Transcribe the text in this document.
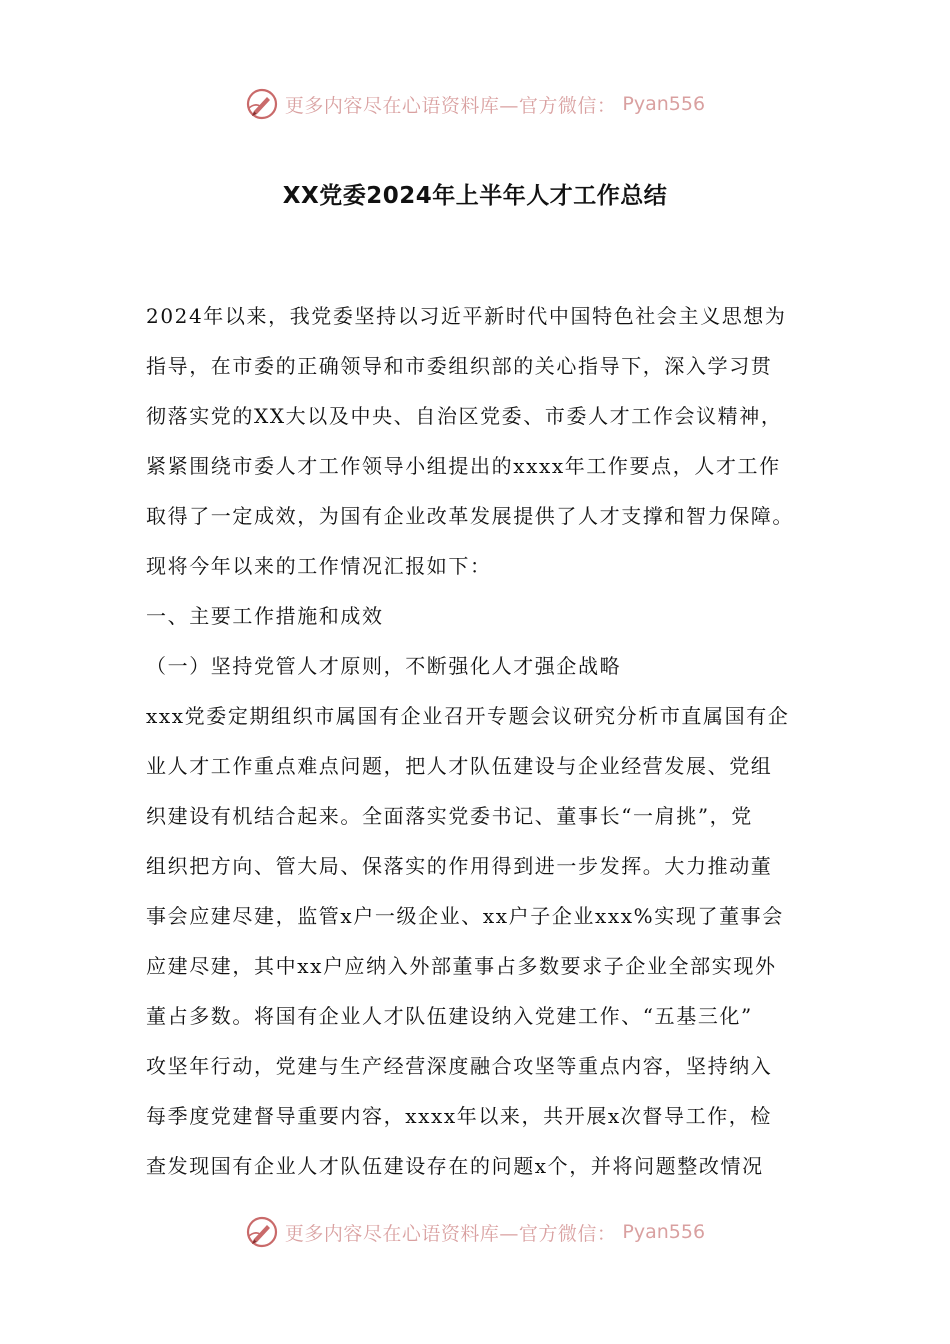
更多内容尽在心语资料库—官方微信： Pyan556
XX党委2024年上半年人才工作总结
2024年以来，我党委坚持以习近平新时代中国特色社会主义思想为
指导，在市委的正确领导和市委组织部的关心指导下，深入学习贯
彻落实党的XX大以及中央、自治区党委、市委人才工作会议精神，
紧紧围绕市委人才工作领导小组提出的xxxx年工作要点，人才工作
取得了一定成效，为国有企业改革发展提供了人才支撑和智力保障。
现将今年以来的工作情况汇报如下：
一、主要工作措施和成效
（一）坚持党管人才原则，不断强化人才强企战略
xxx党委定期组织市属国有企业召开专题会议研究分析市直属国有企
业人才工作重点难点问题，把人才队伍建设与企业经营发展、党组
织建设有机结合起来。全面落实党委书记、董事长“一肩挑”，党
组织把方向、管大局、保落实的作用得到进一步发挥。大力推动董
事会应建尽建，监管x户一级企业、xx户子企业xxx%实现了董事会
应建尽建，其中xx户应纳入外部董事占多数要求子企业全部实现外
董占多数。将国有企业人才队伍建设纳入党建工作、“五基三化”
攻坚年行动，党建与生产经营深度融合攻坚等重点内容，坚持纳入
每季度党建督导重要内容，xxxx年以来，共开展x次督导工作，检
查发现国有企业人才队伍建设存在的问题x个，并将问题整改情况
更多内容尽在心语资料库—官方微信： Pyan556
